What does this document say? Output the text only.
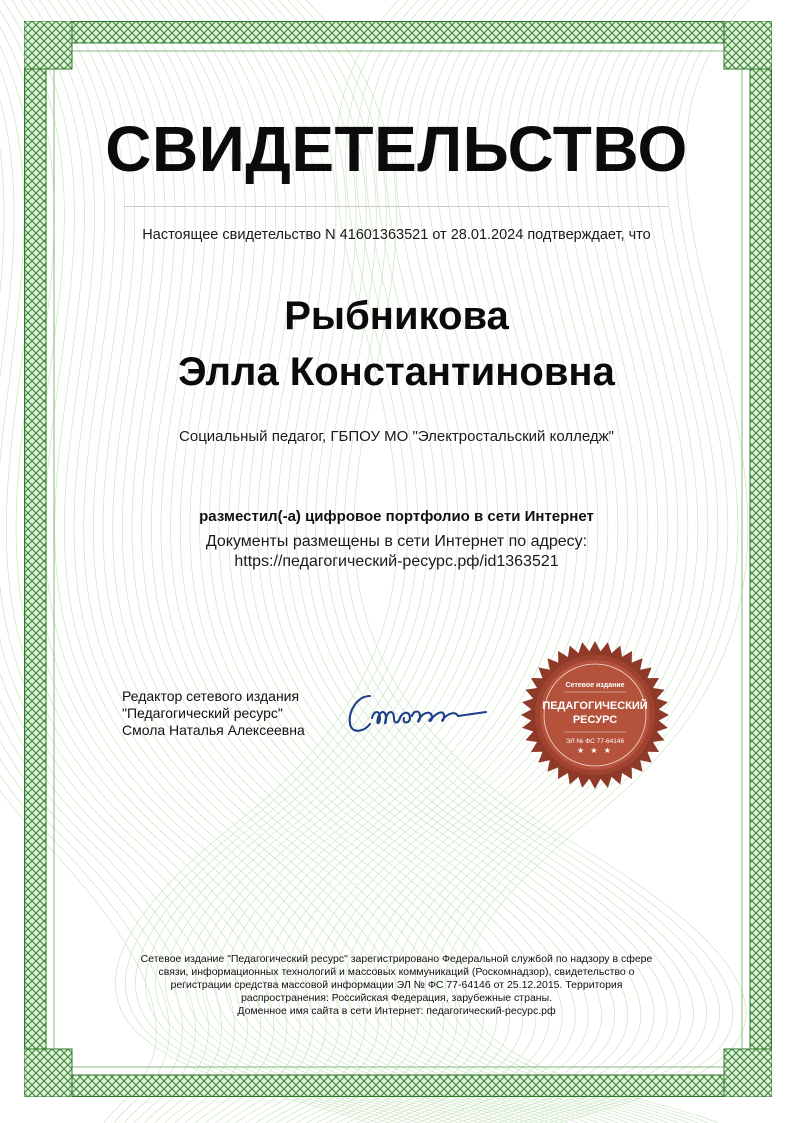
СВИДЕТЕЛЬСТВО
Настоящее свидетельство N 41601363521 от 28.01.2024 подтверждает, что
Рыбникова
Элла Константиновна
Социальный педагог, ГБПОУ МО "Электростальский колледж"
разместил(-а) цифровое портфолио в сети Интернет
Документы размещены в сети Интернет по адресу:
https://педагогический-ресурс.рф/id1363521
Редактор сетевого издания
"Педагогический ресурс"
Смола Наталья Алексеевна
Сетевое издание
ПЕДАГОГИЧЕСКИЙ
РЕСУРС
ЭЛ № ФС 77-64146
★ ★ ★
Сетевое издание "Педагогический ресурс" зарегистрировано Федеральной службой по надзору в сфере
связи, информационных технологий и массовых коммуникаций (Роскомнадзор), свидетельство о
регистрации средства массовой информации ЭЛ № ФС 77-64146 от 25.12.2015. Территория
распространения: Российская Федерация, зарубежные страны.
Доменное имя сайта в сети Интернет: педагогический-ресурс.рф
